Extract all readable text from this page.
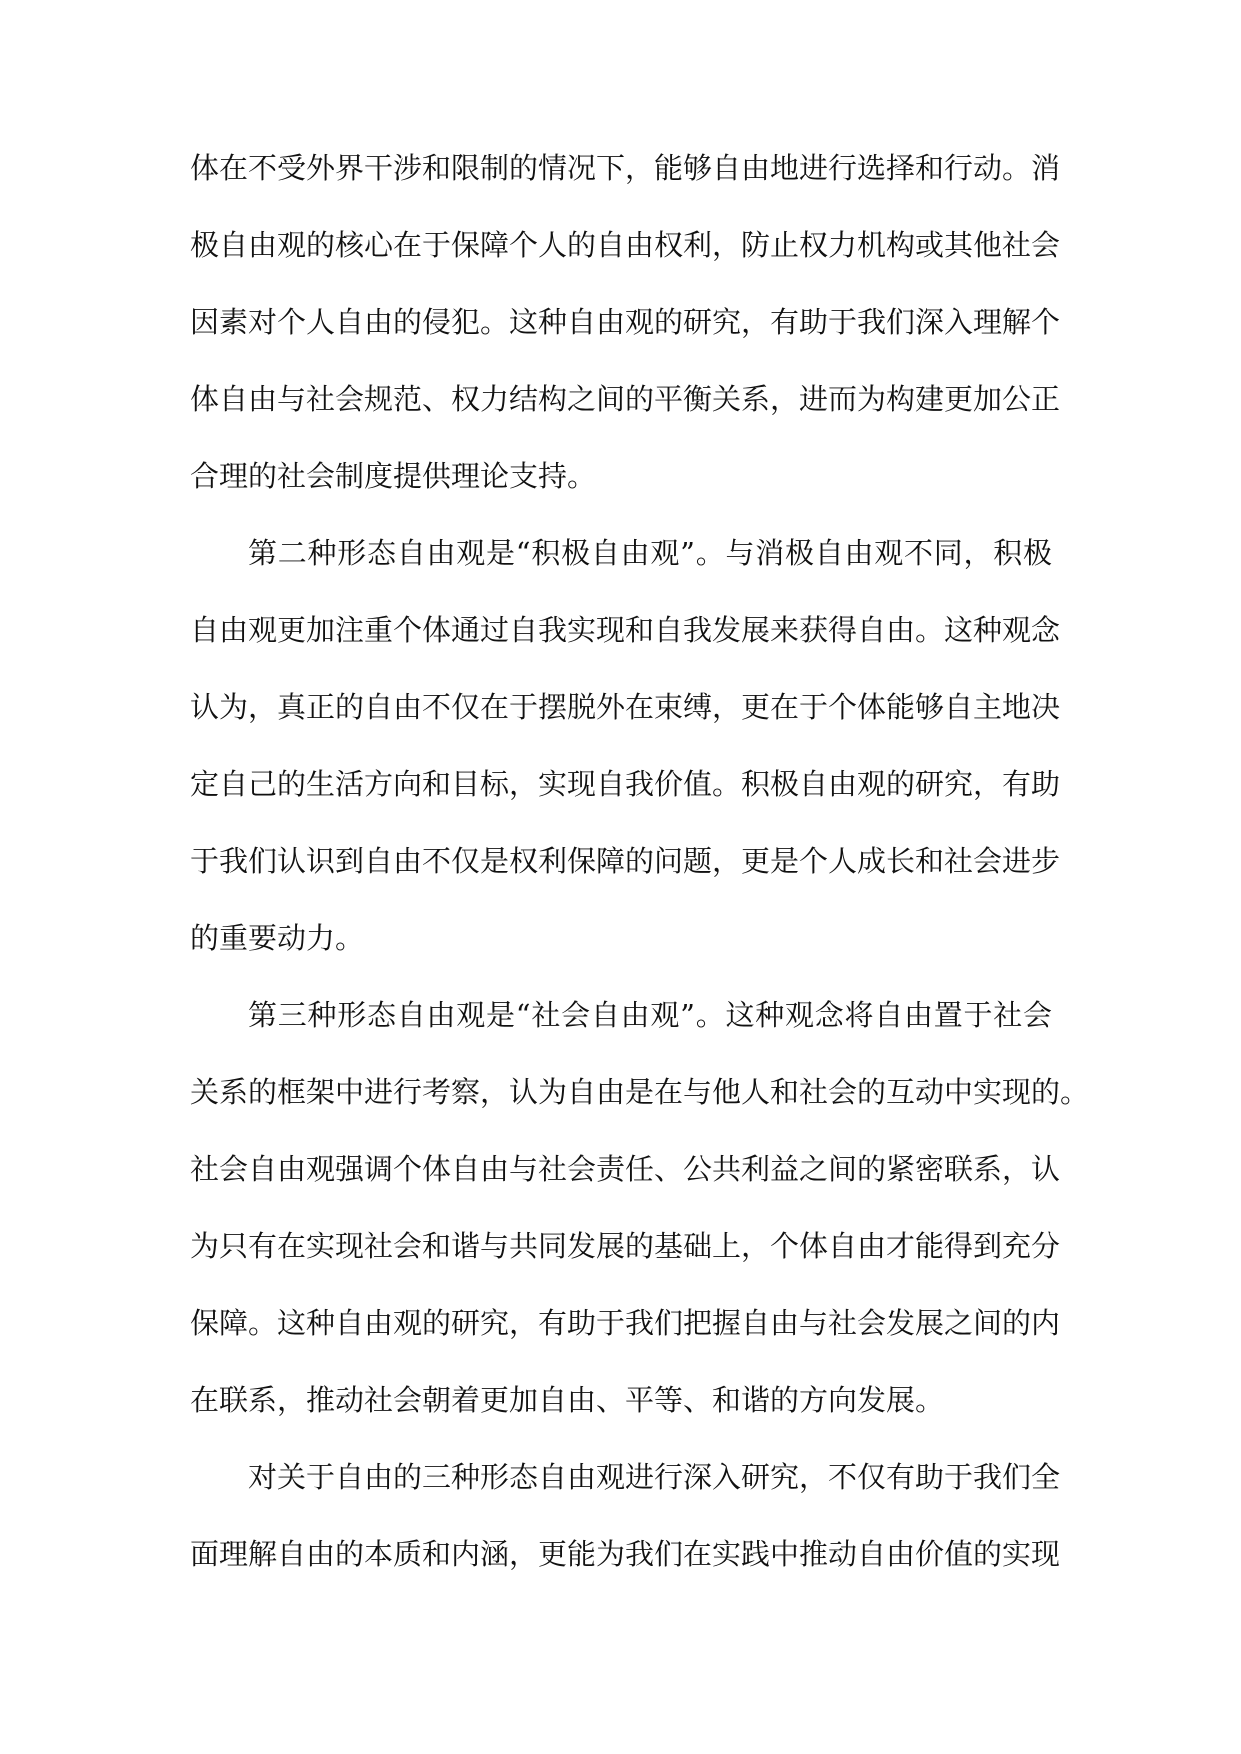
体在不受外界干涉和限制的情况下，能够自由地进行选择和行动。消
极自由观的核心在于保障个人的自由权利，防止权力机构或其他社会
因素对个人自由的侵犯。这种自由观的研究，有助于我们深入理解个
体自由与社会规范、权力结构之间的平衡关系，进而为构建更加公正
合理的社会制度提供理论支持。
第二种形态自由观是“积极自由观”。与消极自由观不同，积极
自由观更加注重个体通过自我实现和自我发展来获得自由。这种观念
认为，真正的自由不仅在于摆脱外在束缚，更在于个体能够自主地决
定自己的生活方向和目标，实现自我价值。积极自由观的研究，有助
于我们认识到自由不仅是权利保障的问题，更是个人成长和社会进步
的重要动力。
第三种形态自由观是“社会自由观”。这种观念将自由置于社会
关系的框架中进行考察，认为自由是在与他人和社会的互动中实现的。
社会自由观强调个体自由与社会责任、公共利益之间的紧密联系，认
为只有在实现社会和谐与共同发展的基础上，个体自由才能得到充分
保障。这种自由观的研究，有助于我们把握自由与社会发展之间的内
在联系，推动社会朝着更加自由、平等、和谐的方向发展。
对关于自由的三种形态自由观进行深入研究，不仅有助于我们全
面理解自由的本质和内涵，更能为我们在实践中推动自由价值的实现
